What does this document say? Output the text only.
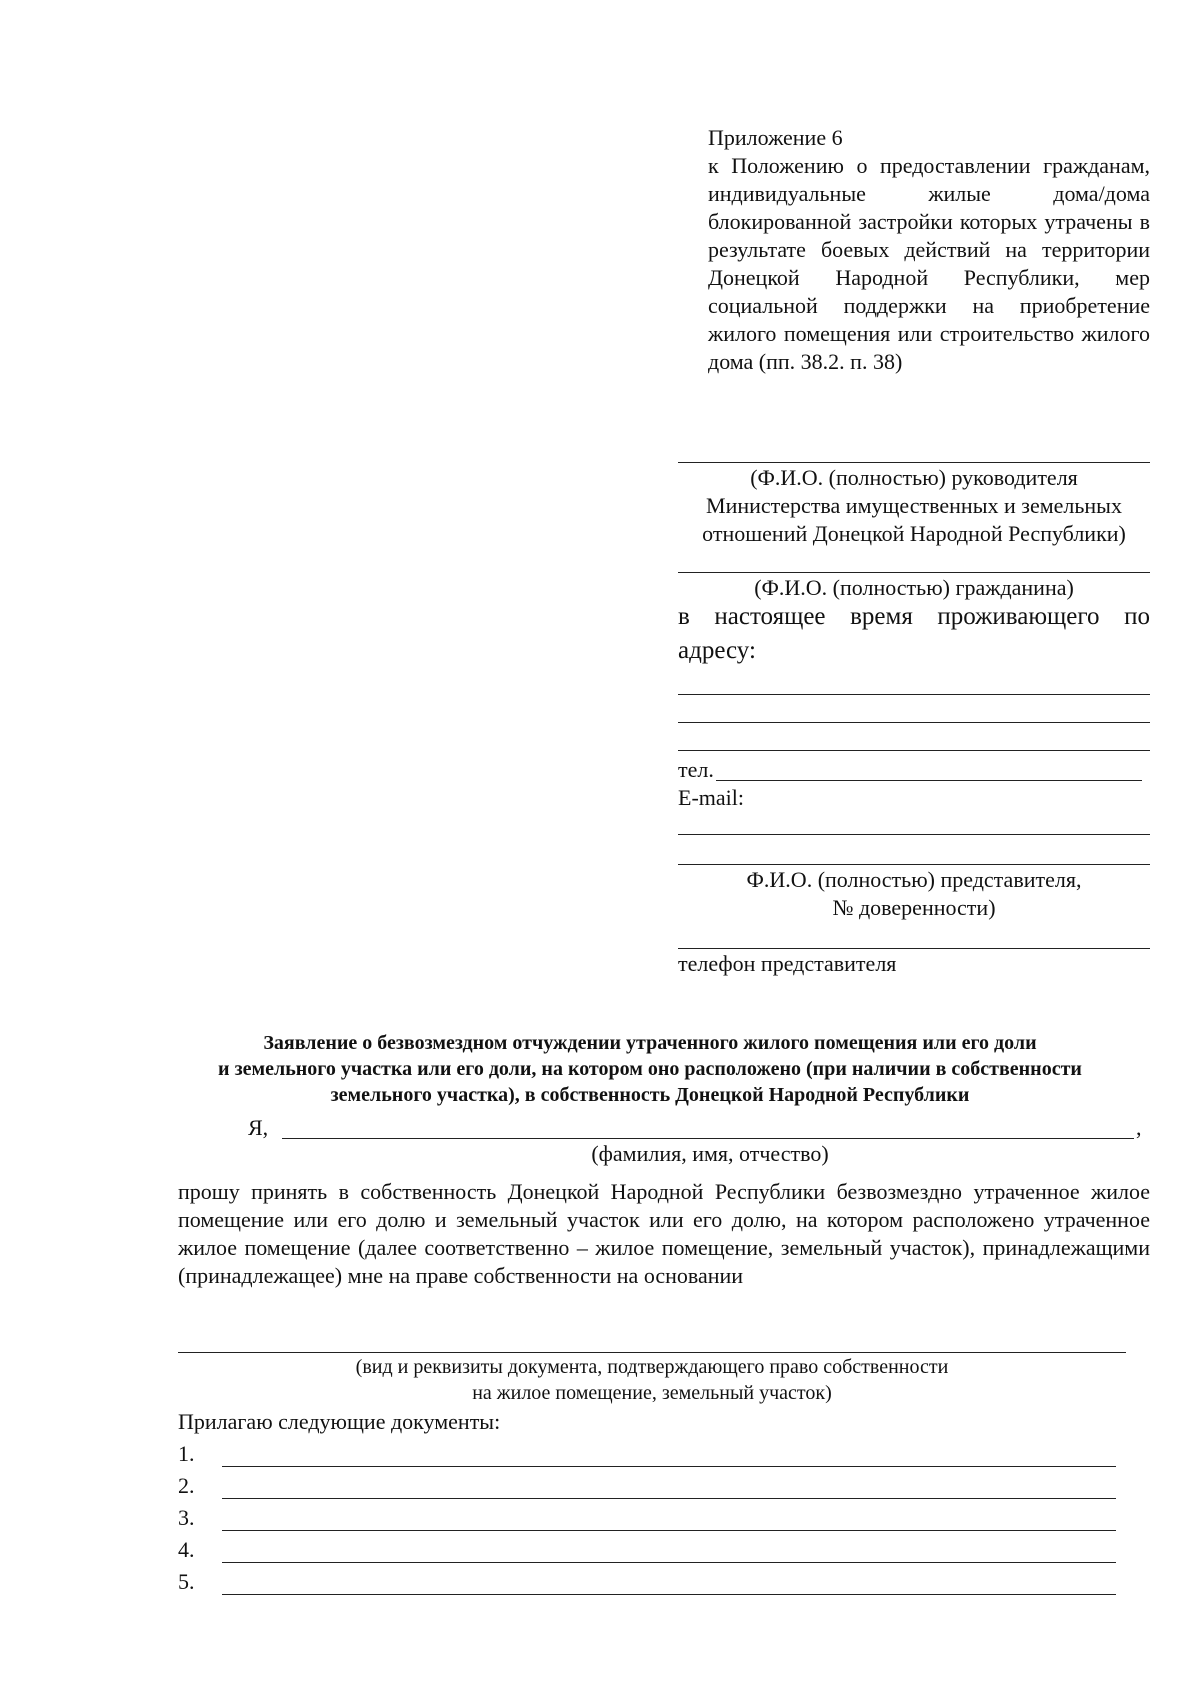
Приложение 6
к Положению о предоставлении гражданам, индивидуальные жилые дома/дома блокированной застройки которых утрачены в результате боевых действий на территории Донецкой Народной Республики, мер социальной поддержки на приобретение жилого помещения или строительство жилого дома (пп. 38.2. п. 38)
(Ф.И.О. (полностью) руководителя
Министерства имущественных и земельных
отношений Донецкой Народной Республики)
(Ф.И.О. (полностью) гражданина)
в настоящее время проживающего по адресу:
тел.
E-mail:
Ф.И.О. (полностью) представителя,
№ доверенности)
телефон представителя
Заявление о безвозмездном отчуждении утраченного жилого помещения или его доли
и земельного участка или его доли, на котором оно расположено (при наличии в собственности
земельного участка), в собственность Донецкой Народной Республики
Я,	,
(фамилия, имя, отчество)
прошу принять в собственность Донецкой Народной Республики безвозмездно утраченное жилое помещение или его долю и земельный участок или его долю, на котором расположено утраченное жилое помещение (далее соответственно – жилое помещение, земельный участок), принадлежащими (принадлежащее) мне на праве собственности на основании
(вид и реквизиты документа, подтверждающего право собственности
на жилое помещение, земельный участок)
Прилагаю следующие документы:
1.
2.
3.
4.
5.
